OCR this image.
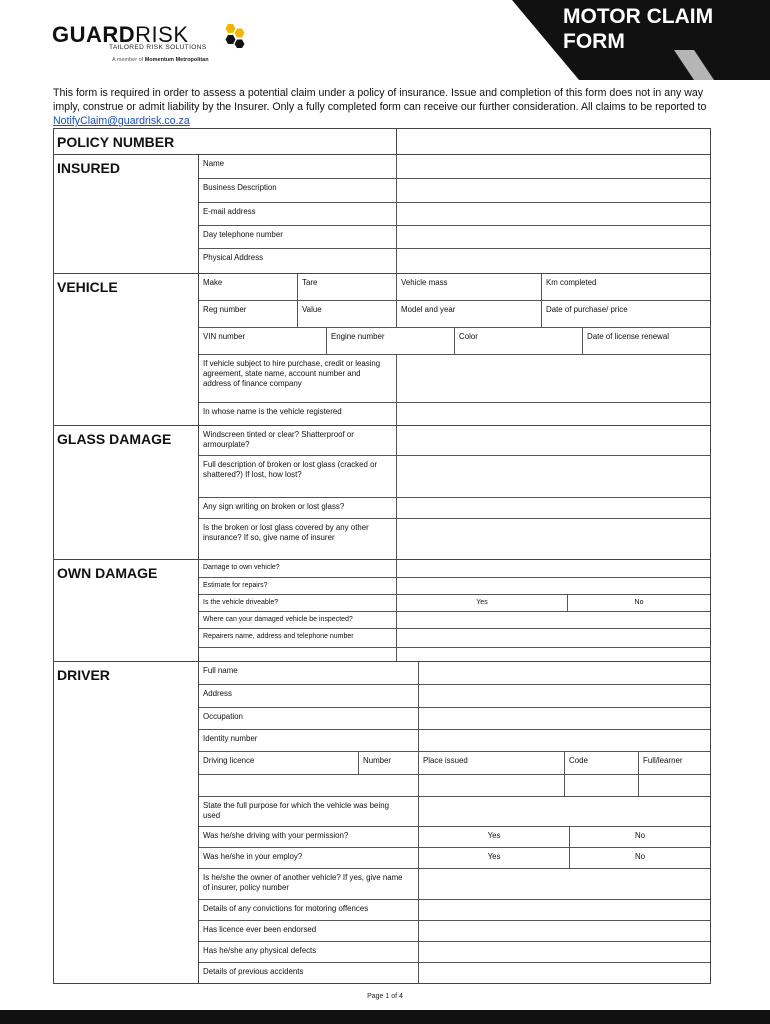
MOTOR CLAIM
FORM
GUARDRISK
TAILORED RISK SOLUTIONS
A member of Momentum Metropolitan
This form is required in order to assess a potential claim under a policy of insurance. Issue and completion of this form does not in any way imply, construe or admit liability by the Insurer. Only a fully completed form can receive our further consideration. All claims to be reported to NotifyClaim@guardrisk.co.za
POLICY NUMBER
INSURED	Name
Business Description
E-mail address
Day telephone number
Physical Address
VEHICLE	Make	Tare	Vehicle mass	Km completed
Reg number	Value	Model and year	Date of purchase/ price
VIN number	Engine number	Color	Date of license renewal
If vehicle subject to hire purchase, credit or leasing agreement, state name, account number and address of finance company
In whose name is the vehicle registered
GLASS DAMAGE	Windscreen tinted or clear? Shatterproof or armourplate?
Full description of broken or lost glass (cracked or shattered?) If lost, how lost?
Any sign writing on broken or lost glass?
Is the broken or lost glass covered by any other insurance? If so, give name of insurer
OWN DAMAGE	Damage to own vehicle?
Estimate for repairs?
Is the vehicle driveable?	Yes	No
Where can your damaged vehicle be inspected?
Repairers name, address and telephone number
DRIVER	Full name
Address
Occupation
Identity number
Driving licence	Number	Place issued	Code	Full/learner
State the full purpose for which the vehicle was being used
Was he/she driving with your permission?	Yes	No
Was he/she in your employ?	Yes	No
Is he/she the owner of another vehicle? If yes, give name of insurer, policy number
Details of any convictions for motoring offences
Has licence ever been endorsed
Has he/she any physical defects
Details of previous accidents
Page 1 of 4
